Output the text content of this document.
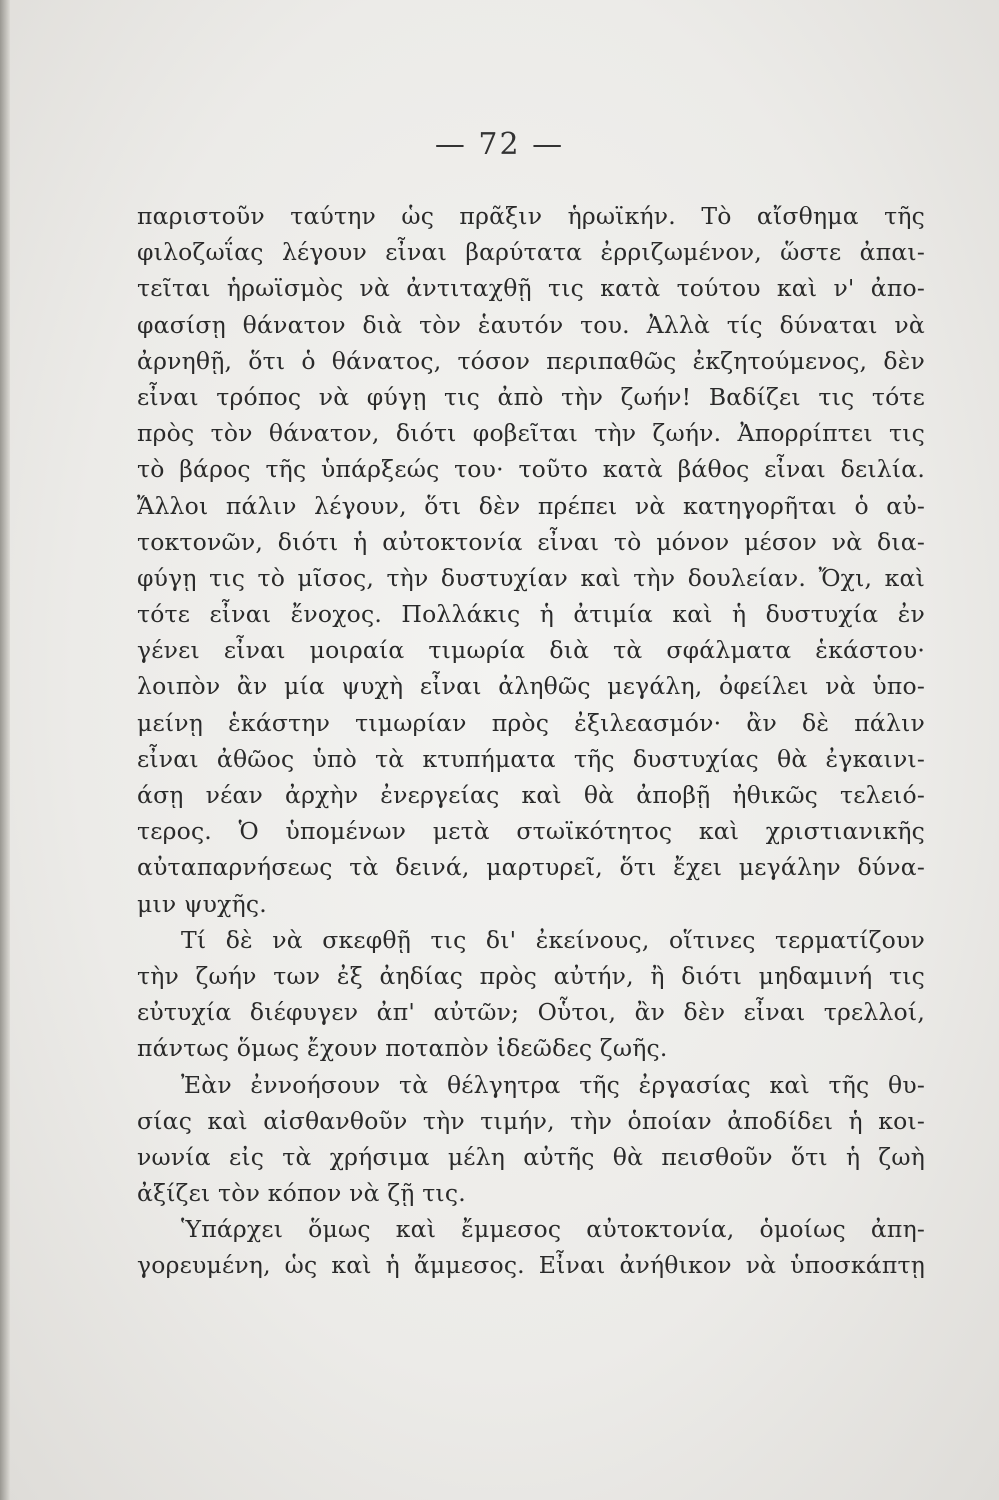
— 72 —
παριστοῦν ταύτην ὡς πρᾶξιν ἡρωϊκήν. Τὸ αἴσθημα τῆς
φιλοζωΐας λέγουν εἶναι βαρύτατα ἐρριζωμένον, ὥστε ἀπαι-
τεῖται ἡρωϊσμὸς νὰ ἀντιταχθῇ τις κατὰ τούτου καὶ ν' ἀπο-
φασίσῃ θάνατον διὰ τὸν ἑαυτόν του. Ἀλλὰ τίς δύναται νὰ
ἀρνηθῇ, ὅτι ὁ θάνατος, τόσον περιπαθῶς ἐκζητούμενος, δὲν
εἶναι τρόπος νὰ φύγῃ τις ἀπὸ τὴν ζωήν! Βαδίζει τις τότε
πρὸς τὸν θάνατον, διότι φοβεῖται τὴν ζωήν. Ἀπορρίπτει τις
τὸ βάρος τῆς ὑπάρξεώς του· τοῦτο κατὰ βάθος εἶναι δειλία.
Ἄλλοι πάλιν λέγουν, ὅτι δὲν πρέπει νὰ κατηγορῆται ὁ αὐ-
τοκτονῶν, διότι ἡ αὐτοκτονία εἶναι τὸ μόνον μέσον νὰ δια-
φύγῃ τις τὸ μῖσος, τὴν δυστυχίαν καὶ τὴν δουλείαν. Ὄχι, καὶ
τότε εἶναι ἔνοχος. Πολλάκις ἡ ἀτιμία καὶ ἡ δυστυχία ἐν
γένει εἶναι μοιραία τιμωρία διὰ τὰ σφάλματα ἑκάστου·
λοιπὸν ἂν μία ψυχὴ εἶναι ἀληθῶς μεγάλη, ὀφείλει νὰ ὑπο-
μείνῃ ἑκάστην τιμωρίαν πρὸς ἐξιλεασμόν· ἂν δὲ πάλιν
εἶναι ἀθῶος ὑπὸ τὰ κτυπήματα τῆς δυστυχίας θὰ ἐγκαινι-
άσῃ νέαν ἀρχὴν ἐνεργείας καὶ θὰ ἀποβῇ ἠθικῶς τελειό-
τερος. Ὁ ὑπομένων μετὰ στωϊκότητος καὶ χριστιανικῆς
αὐταπαρνήσεως τὰ δεινά, μαρτυρεῖ, ὅτι ἔχει μεγάλην δύνα-
μιν ψυχῆς.
Τί δὲ νὰ σκεφθῇ τις δι' ἐκείνους, οἵτινες τερματίζουν
τὴν ζωήν των ἐξ ἀηδίας πρὸς αὐτήν, ἢ διότι μηδαμινή τις
εὐτυχία διέφυγεν ἀπ' αὐτῶν; Οὗτοι, ἂν δὲν εἶναι τρελλοί,
πάντως ὅμως ἔχουν ποταπὸν ἰδεῶδες ζωῆς.
Ἐὰν ἐννοήσουν τὰ θέλγητρα τῆς ἐργασίας καὶ τῆς θυ-
σίας καὶ αἰσθανθοῦν τὴν τιμήν, τὴν ὁποίαν ἀποδίδει ἡ κοι-
νωνία εἰς τὰ χρήσιμα μέλη αὐτῆς θὰ πεισθοῦν ὅτι ἡ ζωὴ
ἀξίζει τὸν κόπον νὰ ζῇ τις.
Ὑπάρχει ὅμως καὶ ἔμμεσος αὐτοκτονία, ὁμοίως ἀπη-
γορευμένη, ὡς καὶ ἡ ἄμμεσος. Εἶναι ἀνήθικον νὰ ὑποσκάπτῃ
